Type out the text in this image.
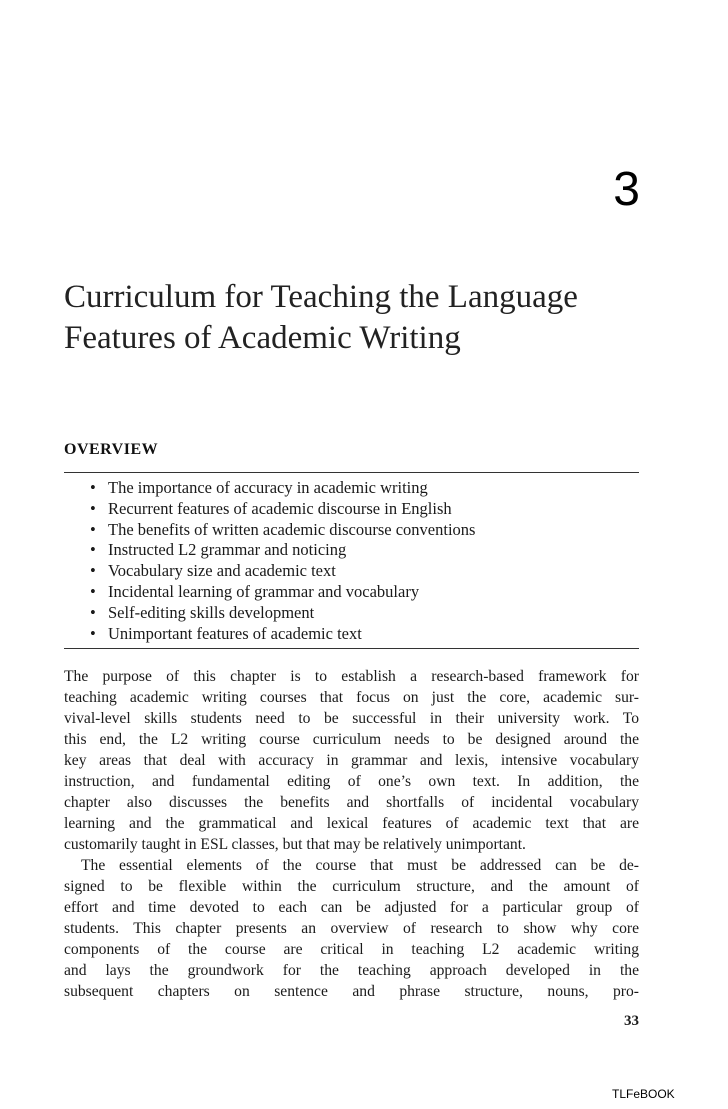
3
Curriculum for Teaching the Language
Features of Academic Writing
OVERVIEW
• The importance of accuracy in academic writing
• Recurrent features of academic discourse in English
• The benefits of written academic discourse conventions
• Instructed L2 grammar and noticing
• Vocabulary size and academic text
• Incidental learning of grammar and vocabulary
• Self-editing skills development
• Unimportant features of academic text
The purpose of this chapter is to establish a research-based framework for
teaching academic writing courses that focus on just the core, academic sur-
vival-level skills students need to be successful in their university work. To
this end, the L2 writing course curriculum needs to be designed around the
key areas that deal with accuracy in grammar and lexis, intensive vocabulary
instruction, and fundamental editing of one’s own text. In addition, the
chapter also discusses the benefits and shortfalls of incidental vocabulary
learning and the grammatical and lexical features of academic text that are
customarily taught in ESL classes, but that may be relatively unimportant.
The essential elements of the course that must be addressed can be de-
signed to be flexible within the curriculum structure, and the amount of
effort and time devoted to each can be adjusted for a particular group of
students. This chapter presents an overview of research to show why core
components of the course are critical in teaching L2 academic writing
and lays the groundwork for the teaching approach developed in the
subsequent chapters on sentence and phrase structure, nouns, pro-
33
TLFeBOOK
